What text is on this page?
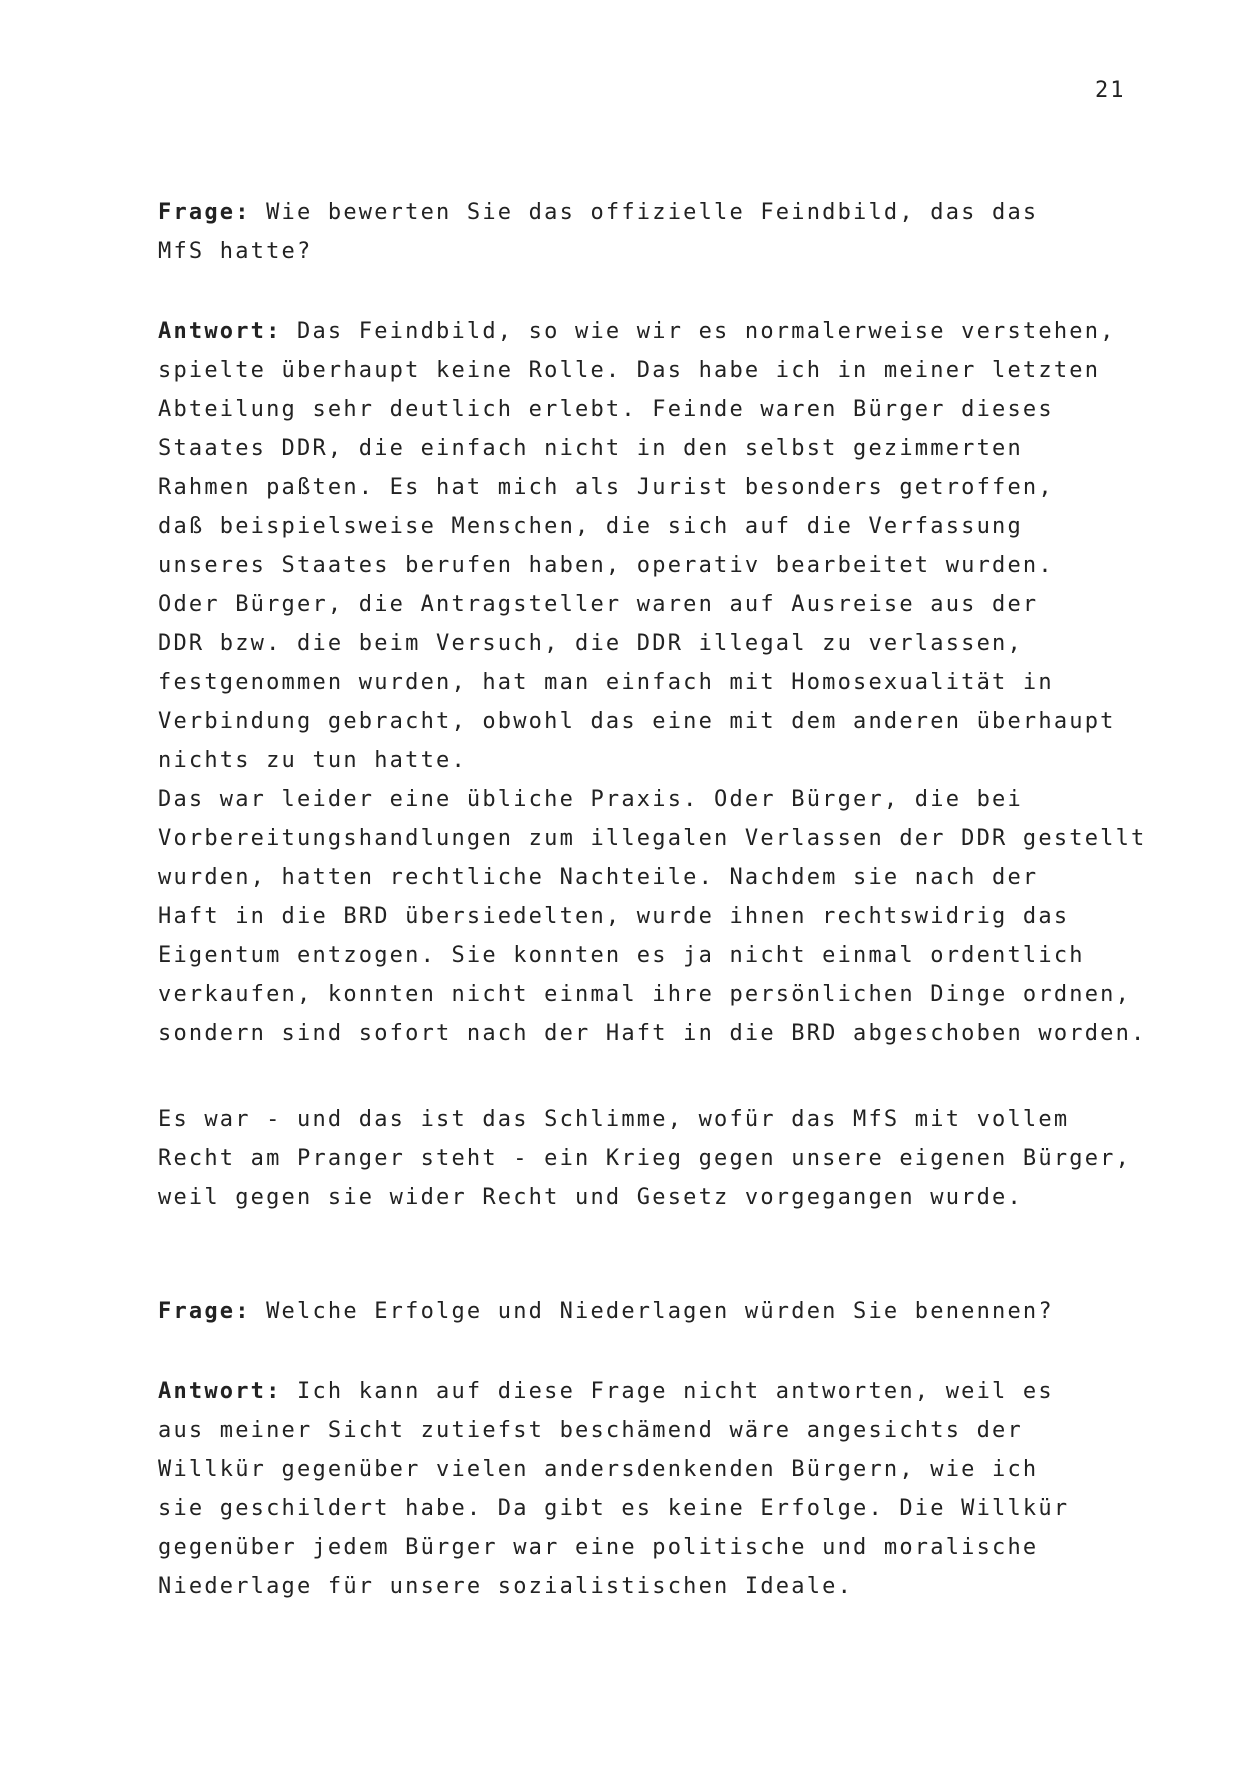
21
Frage: Wie bewerten Sie das offizielle Feindbild, das das
MfS hatte?
Antwort: Das Feindbild, so wie wir es normalerweise verstehen,
spielte überhaupt keine Rolle. Das habe ich in meiner letzten
Abteilung sehr deutlich erlebt. Feinde waren Bürger dieses
Staates DDR, die einfach nicht in den selbst gezimmerten
Rahmen paßten. Es hat mich als Jurist besonders getroffen,
daß beispielsweise Menschen, die sich auf die Verfassung
unseres Staates berufen haben, operativ bearbeitet wurden.
Oder Bürger, die Antragsteller waren auf Ausreise aus der
DDR bzw. die beim Versuch, die DDR illegal zu verlassen,
festgenommen wurden, hat man einfach mit Homosexualität in
Verbindung gebracht, obwohl das eine mit dem anderen überhaupt
nichts zu tun hatte.
Das war leider eine übliche Praxis. Oder Bürger, die bei
Vorbereitungshandlungen zum illegalen Verlassen der DDR gestellt
wurden, hatten rechtliche Nachteile. Nachdem sie nach der
Haft in die BRD übersiedelten, wurde ihnen rechtswidrig das
Eigentum entzogen. Sie konnten es ja nicht einmal ordentlich
verkaufen, konnten nicht einmal ihre persönlichen Dinge ordnen,
sondern sind sofort nach der Haft in die BRD abgeschoben worden.
Es war - und das ist das Schlimme, wofür das MfS mit vollem
Recht am Pranger steht - ein Krieg gegen unsere eigenen Bürger,
weil gegen sie wider Recht und Gesetz vorgegangen wurde.
Frage: Welche Erfolge und Niederlagen würden Sie benennen?
Antwort: Ich kann auf diese Frage nicht antworten, weil es
aus meiner Sicht zutiefst beschämend wäre angesichts der
Willkür gegenüber vielen andersdenkenden Bürgern, wie ich
sie geschildert habe. Da gibt es keine Erfolge. Die Willkür
gegenüber jedem Bürger war eine politische und moralische
Niederlage für unsere sozialistischen Ideale.
